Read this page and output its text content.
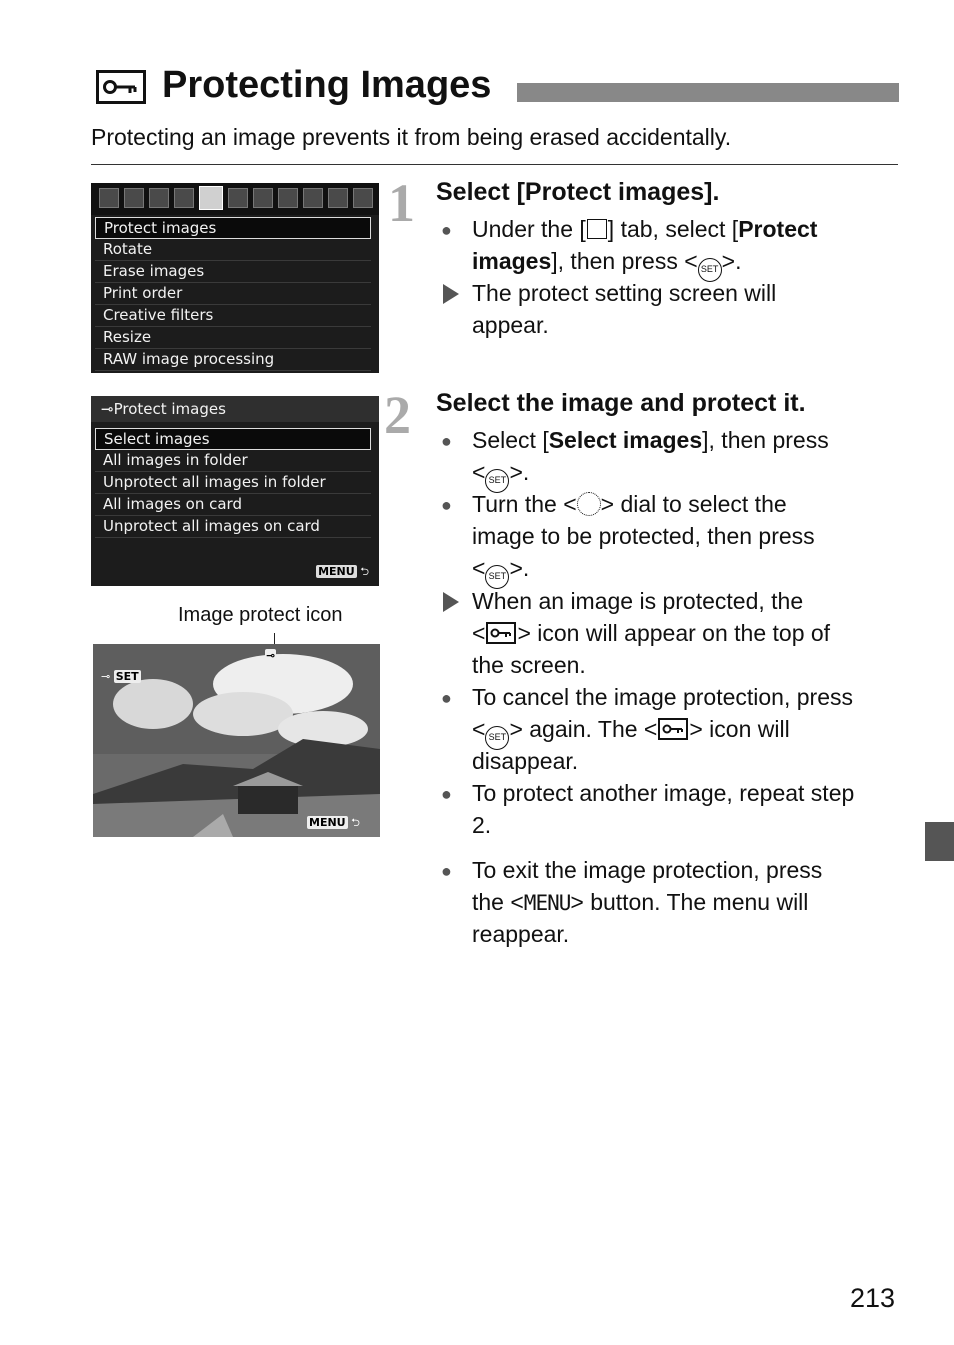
Protecting Images
Protecting an image prevents it from being erased accidentally.
Protect images
Rotate
Erase images
Print order
Creative filters
Resize
RAW image processing
⊸Protect images
Select images
All images in folder
Unprotect all images in folder
All images on card
Unprotect all images on card
MENU ⮌
Image protect icon
⊸ SET
⊸
MENU ⮌
1 Select [Protect images].
● Under the [ ] tab, select [Protect
images], then press < SET >.
The protect setting screen will
appear.
2 Select the image and protect it.
● Select [Select images], then press
< SET >.
● Turn the < > dial to select the
image to be protected, then press
< SET >.
When an image is protected, the
< > icon will appear on the top of
the screen.
● To cancel the image protection, press
< SET > again. The < > icon will
disappear.
● To protect another image, repeat step
2.
● To exit the image protection, press
the <MENU> button. The menu will
reappear.
213
